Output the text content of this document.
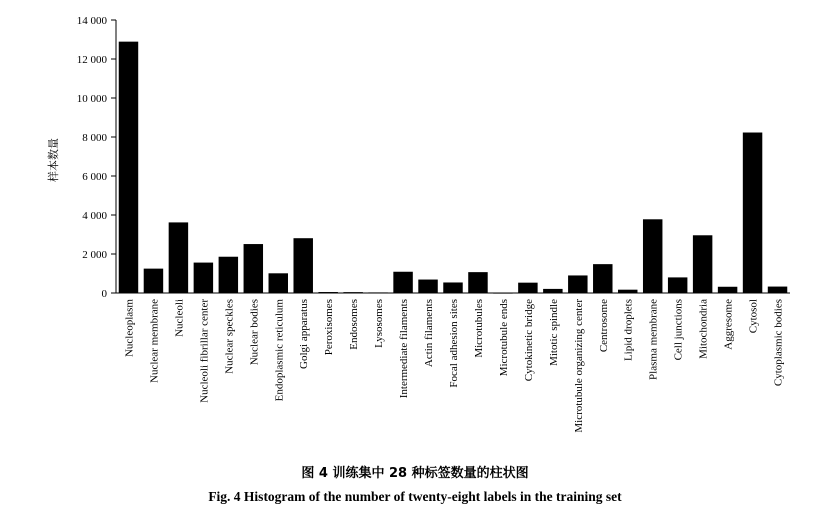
0
2 000
4 000
6 000
8 000
10 000
12 000
14 000
Nucleoplasm Nuclear membrane Nucleoli Nucleoli fibrillar center Nuclear speckles Nuclear bodies Endoplasmic reticulum Golgi apparatus Peroxisomes Endosomes Lysosomes Intermediate filaments Actin filaments Focal adhesion sites Microtubules Microtubule ends Cytokinetic bridge Mitotic spindle Microtubule organizing center Centrosome Lipid droplets Plasma membrane Cell junctions Mitochondria Aggresome Cytosol Cytoplasmic bodies
样本数量
图 4 训练集中 28 种标签数量的柱状图
Fig. 4 Histogram of the number of twenty-eight labels in the training set
